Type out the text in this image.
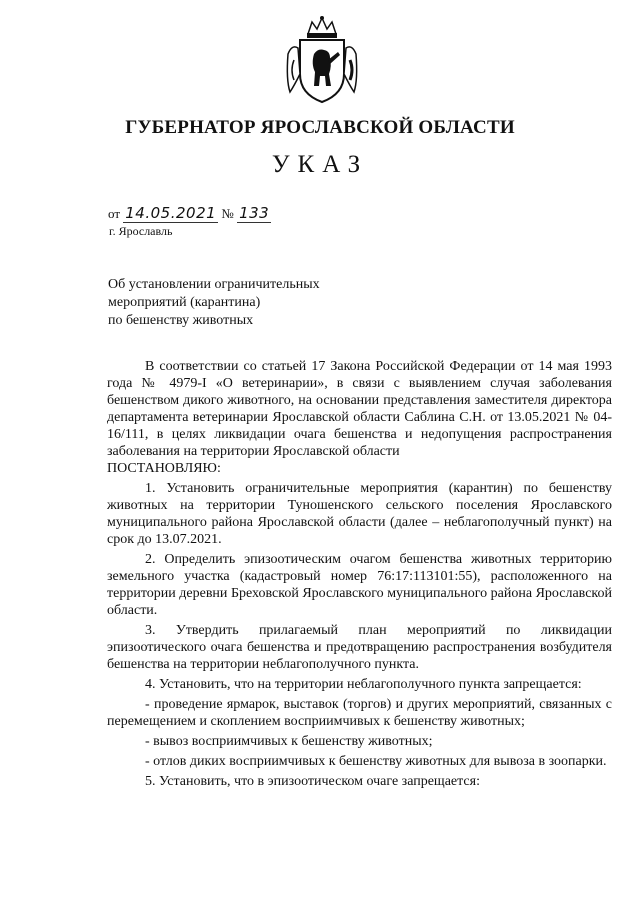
ГУБЕРНАТОР ЯРОСЛАВСКОЙ ОБЛАСТИ
УКАЗ
от 14.05.2021 № 133
г. Ярославль
Об установлении ограничительных
мероприятий (карантина)
по бешенству животных

В соответствии со статьей 17 Закона Российской Федерации от 14 мая 1993 года № 4979-I «О ветеринарии», в связи с выявлением случая заболевания бешенством дикого животного, на основании представления заместителя директора департамента ветеринарии Ярославской области Саблина С.Н. от 13.05.2021 № 04-16/111, в целях ликвидации очага бешенства и недопущения распространения заболевания на территории Ярославской области

ПОСТАНОВЛЯЮ:

1. Установить ограничительные мероприятия (карантин) по бешенству животных на территории Туношенского сельского поселения Ярославского муниципального района Ярославской области (далее – неблагополучный пункт) на срок до 13.07.2021.

2. Определить эпизоотическим очагом бешенства животных территорию земельного участка (кадастровый номер 76:17:113101:55), расположенного на территории деревни Бреховской Ярославского муниципального района Ярославской области.

3. Утвердить прилагаемый план мероприятий по ликвидации эпизоотического очага бешенства и предотвращению распространения возбудителя бешенства на территории неблагополучного пункта.

4. Установить, что на территории неблагополучного пункта запрещается:

- проведение ярмарок, выставок (торгов) и других мероприятий, связанных с перемещением и скоплением восприимчивых к бешенству животных;

- вывоз восприимчивых к бешенству животных;

- отлов диких восприимчивых к бешенству животных для вывоза в зоопарки.

5. Установить, что в эпизоотическом очаге запрещается:
